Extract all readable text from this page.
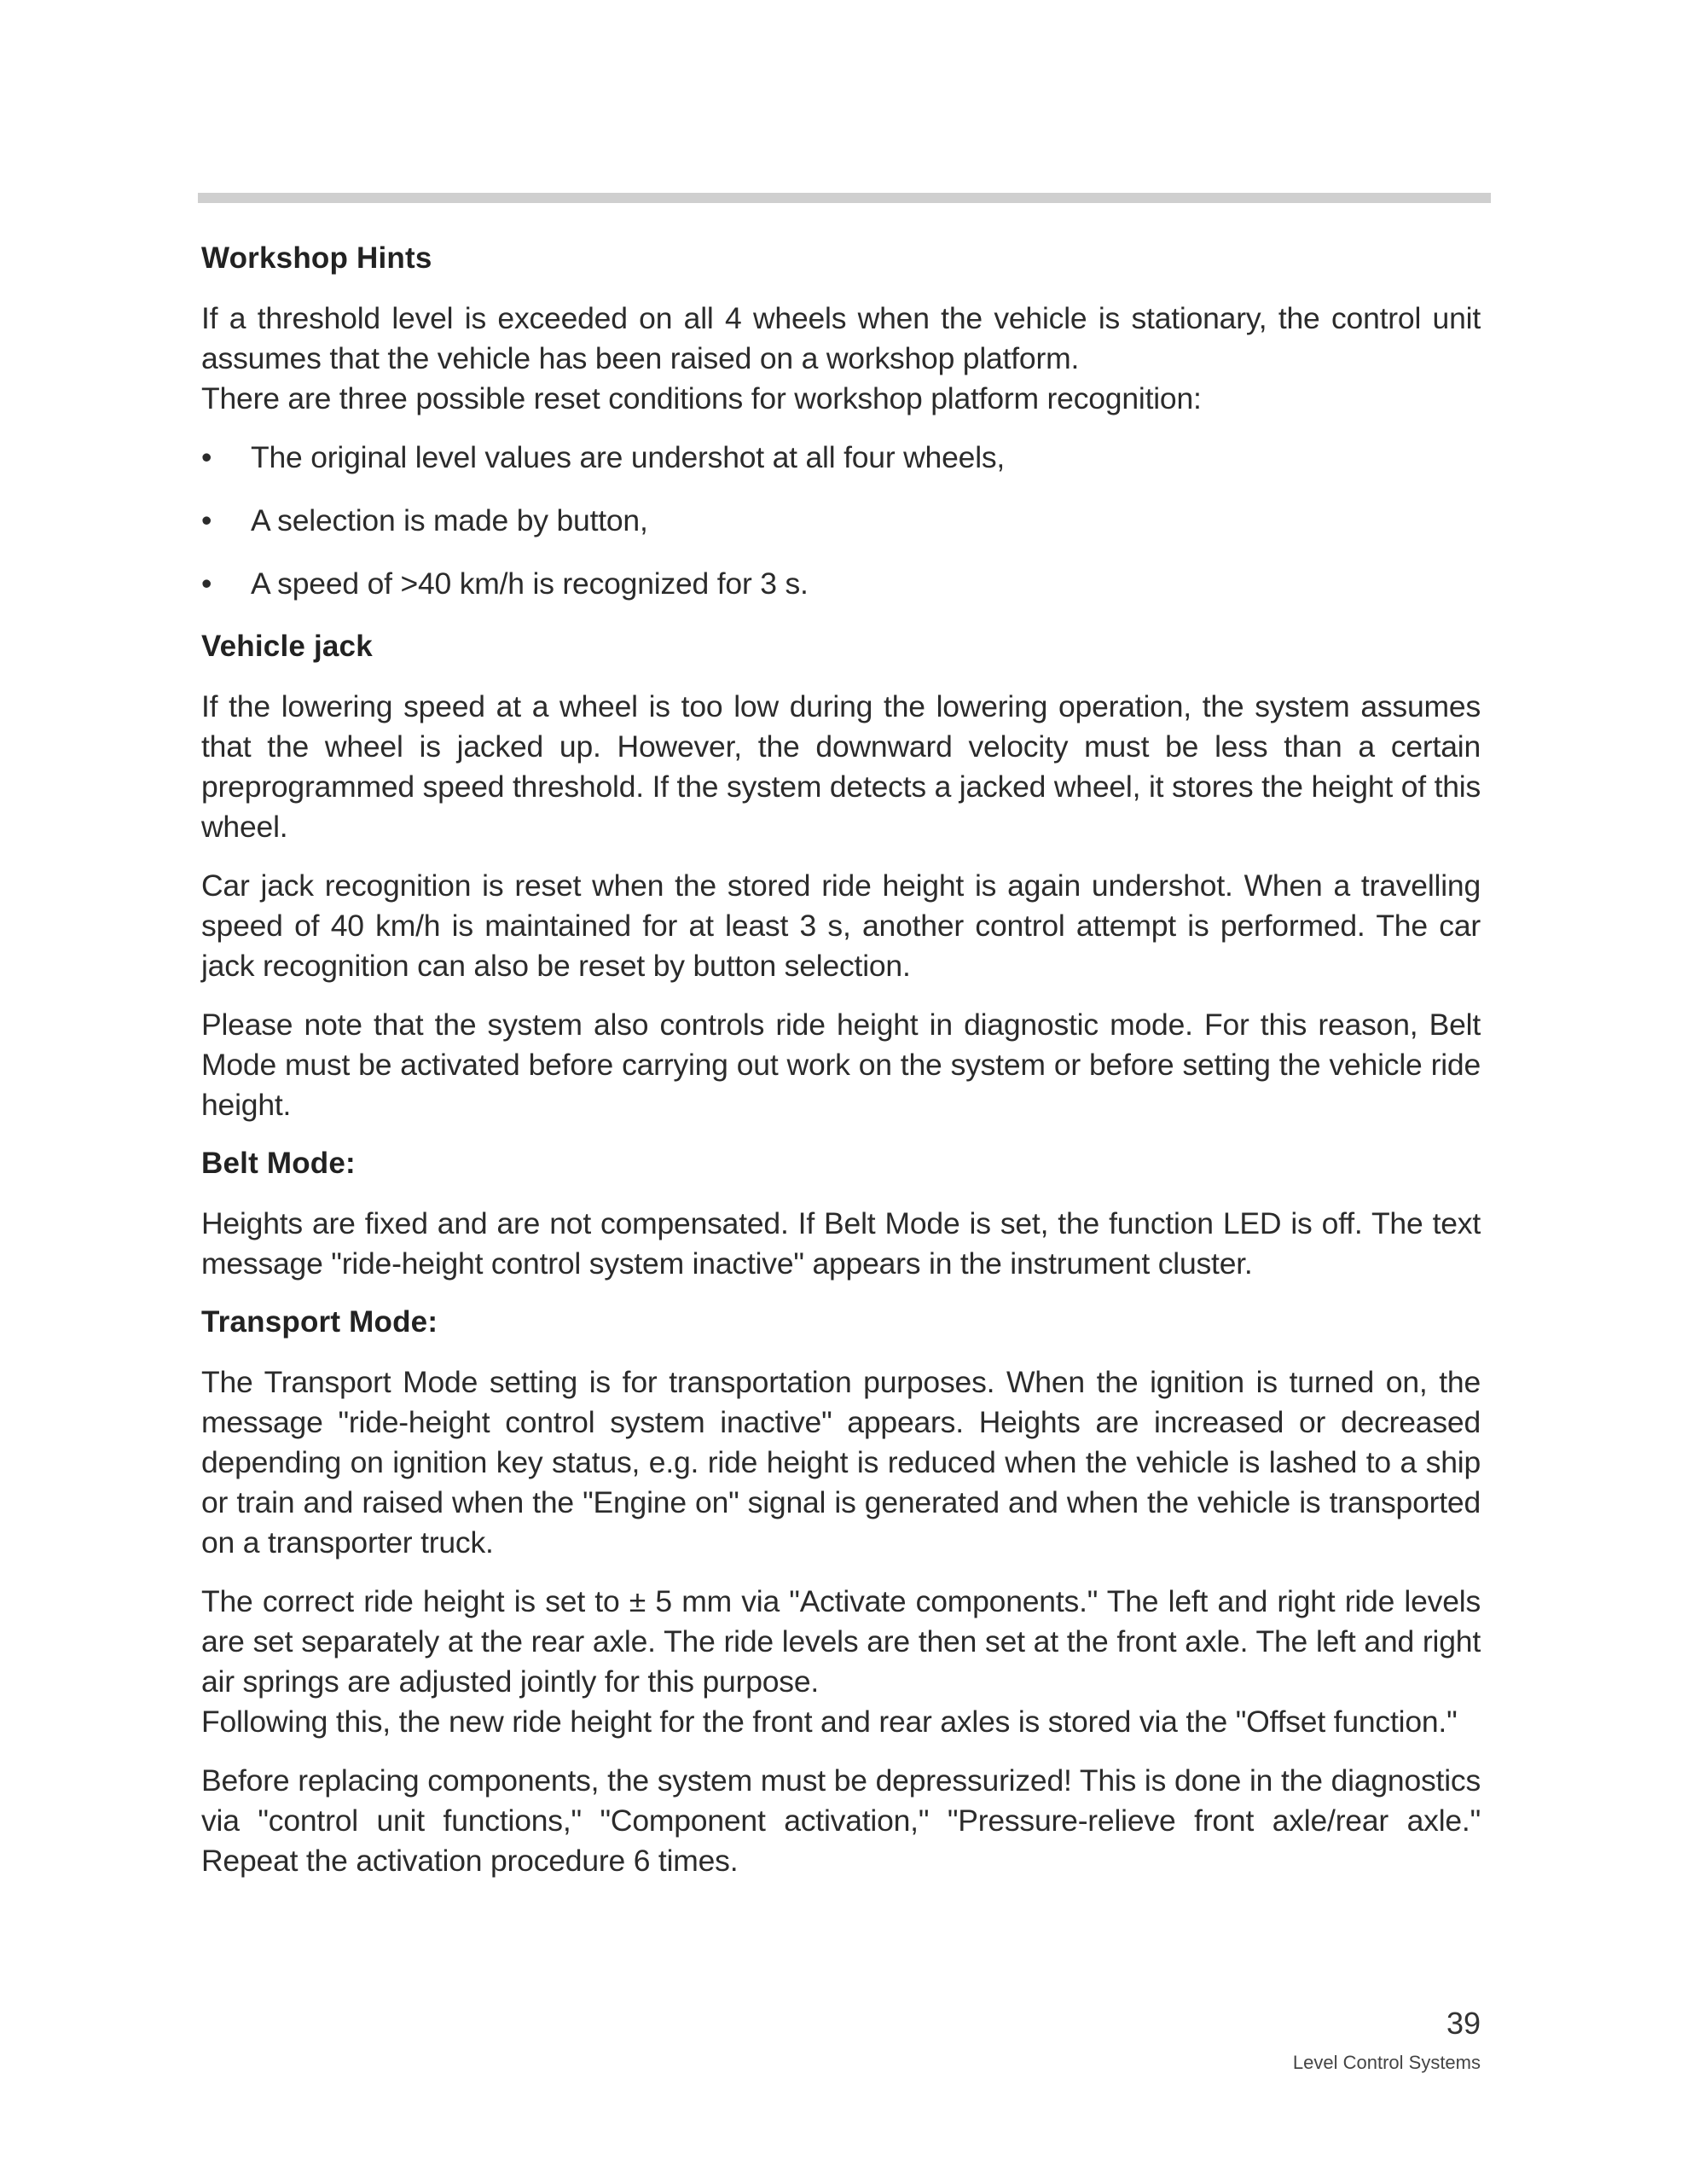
Workshop Hints

If a threshold level is exceeded on all 4 wheels when the vehicle is stationary, the control unit assumes that the vehicle has been raised on a workshop platform.

There are three possible reset conditions for workshop platform recognition:

• The original level values are undershot at all four wheels,
• A selection is made by button,
• A speed of >40 km/h is recognized for 3 s.
Vehicle jack

If the lowering speed at a wheel is too low during the lowering operation, the system assumes that the wheel is jacked up. However, the downward velocity must be less than a certain preprogrammed speed threshold. If the system detects a jacked wheel, it stores the height of this wheel.

Car jack recognition is reset when the stored ride height is again undershot. When a travelling speed of 40 km/h is maintained for at least 3 s, another control attempt is performed. The car jack recognition can also be reset by button selection.

Please note that the system also controls ride height in diagnostic mode. For this reason, Belt Mode must be activated before carrying out work on the system or before setting the vehicle ride height.

Belt Mode:

Heights are fixed and are not compensated. If Belt Mode is set, the function LED is off. The text message "ride-height control system inactive" appears in the instrument cluster.

Transport Mode:

The Transport Mode setting is for transportation purposes. When the ignition is turned on, the message "ride-height control system inactive" appears. Heights are increased or decreased depending on ignition key status, e.g. ride height is reduced when the vehicle is lashed to a ship or train and raised when the "Engine on" signal is generated and when the vehicle is transported on a transporter truck.

The correct ride height is set to ± 5 mm via "Activate components." The left and right ride levels are set separately at the rear axle. The ride levels are then set at the front axle. The left and right air springs are adjusted jointly for this purpose.

Following this, the new ride height for the front and rear axles is stored via the "Offset function."

Before replacing components, the system must be depressurized! This is done in the diagnostics via "control unit functions," "Component activation," "Pressure-relieve front axle/rear axle." Repeat the activation procedure 6 times.

39
Level Control Systems
